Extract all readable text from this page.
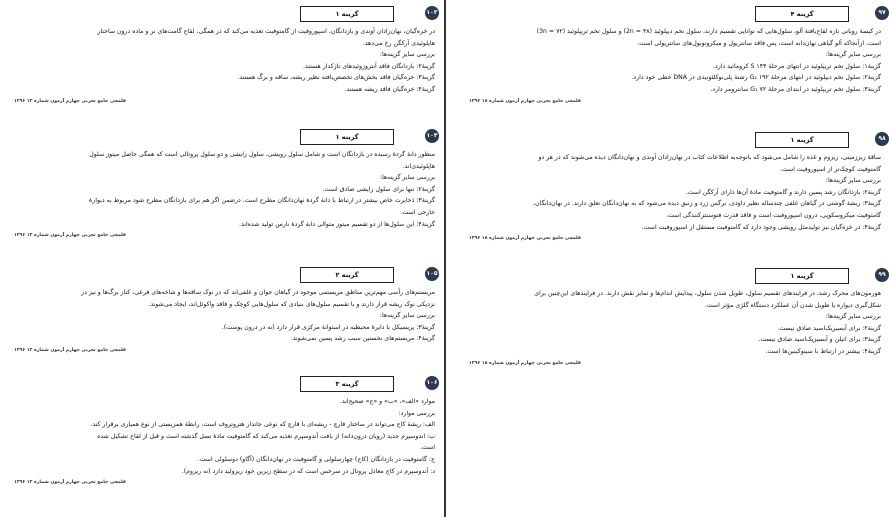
گزینه ۴	۹۷

در کیسهٔ رویانی نازه لقاح‌یافتهٔ آلو، سلول‌هایی که توانایی تقسیم دارند، سلول تخم دیپلوئید (۴۸ = 2n) و سلول تخم تریپلوئید (۷۲ = 3n)

است. ازآنجاکه آلو گیاهی نهان‌دانه است، پس فاقد سانتریول و میکروتوبول‌های سانتریولی است.

بررسی سایر گزینه‌ها:

گزینهٔ۱: سلول تخم تریپلوئید در انتهای مرحلهٔ S ۱۴۴ کروماتید دارد.

گزینهٔ۲: سلول تخم دیپلوئید در انتهای مرحلهٔ G₂ ۱۹۲ رشتهٔ پلی‌نوکلئوتیدی در DNA خطی خود دارد.

گزینهٔ۳: سلول تخم تریپلوئید در ابتدای مرحلهٔ G₁ ۷۲ سانترومر دارد.

قلمچی جامع تجربی چهارم آزمون شماره ۱۸ ۱۳۹۶
گزینه ۱	۹۸

ساقهٔ زیرزمینی، ریزوم و غده را شامل می‌شود که باتوجه‌به اطلاعات کتاب در نهان‌زادان آوندی و نهان‌دانگان دیده می‌شوند که در هر دو

گامتوفیت کوچک‌تر از اسپوروفیت است.

بررسی سایر گزینه‌ها:

گزینهٔ۲: بازدانگان رشد پسین دارند و گامتوفیت مادهٔ آن‌ها دارای آرکگن است.

گزینهٔ۳: ریشهٔ گوشتی در گیاهان علفی چندساله نظیر داودی، نرگس زرد و زنبق دیده می‌شود که به نهان‌دانگان تعلق دارند. در نهان‌دانگان،

گامتوفیت میکروسکوپی، درون اسپوروفیت است و فاقد قدرت فتوسنتزکنندگی است.

گزینهٔ۴: در خزه‌گیان نیز تولیدمثل رویشی وجود دارد که گامتوفیت مستقل از اسپوروفیت است.

قلمچی جامع تجربی چهارم آزمون شماره ۱۸ ۱۳۹۶
گزینه ۱	۹۹

هورمون‌های محرک رشد، در فرایندهای تقسیم سلول، طویل شدن سلول، پیدایش اندام‌ها و تمایز نقش دارند. در فرایندهای این‌چنین برای

شکل‌گیری دیواره یا طویل شدن آن عملکرد دستگاه گلژی مؤثر است.

بررسی سایر گزینه‌ها:

گزینهٔ۲: برای آبسیزیک‌اسید صادق نیست.

گزینهٔ۳: برای اتیلن و آبسیزیک‌اسید صادق نیست.

گزینهٔ۴: بیشتر در ارتباط با سیتوکینین‌ها است.

قلمچی جامع تجربی چهارم آزمون شماره ۱۸ ۱۳۹۶
گزینه ۱	۱۰۳

در خزه‌گیان، نهان‌زادان آوندی و بازدانگان، اسپوروفیت از گامتوفیت تغذیه می‌کند که در همگی، لقاح گامت‌های نر و ماده درون ساختار

هاپلوئیدی آرکگن رخ می‌دهد.

بررسی سایر گزینه‌ها:

گزینهٔ۲: بازدانگان فاقد آنتروزوئیدهای تاژکدار هستند.

گزینهٔ۳: خزه‌گیان فاقد بخش‌های تخصص‌یافته نظیر ریشه، ساقه و برگ هستند.

گزینهٔ۴: خزه‌گیان فاقد ریشه هستند.

قلمچی جامع تجربی چهارم آزمون شماره ۱۲ ۱۳۹۶
گزینه ۱	۱۰۴

منظور دانهٔ گردهٔ رسیده در بازدانگان است و شامل سلول رویشی، سلول زایشی و دو سلول پروتالی است که همگی حاصل میتوز سلول

هاپلوئیدی‌اند.

بررسی سایر گزینه‌ها:

گزینهٔ۲: تنها برای سلول زایشی صادق است.

گزینهٔ۳: ذخایرت خاص بیشتر در ارتباط با دانهٔ گردهٔ نهان‌دانگان مطرح است. درضمن اگر هم برای بازدانگان مطرح شود مربوط به دیوارهٔ

خارجی است.

گزینهٔ۴: این سلول‌ها از دو تقسیم میتوز متوالی دانهٔ گردهٔ نارس تولید شده‌اند.

قلمچی جامع تجربی چهارم آزمون شماره ۱۲ ۱۳۹۶
گزینه ۲	۱۰۵

مریستم‌های رأسی مهم‌ترین مناطق مریستمی موجود در گیاهان جوان و علفی‌اند که در نوک ساقه‌ها و شاخه‌های فرعی، کنار برگ‌ها و نیز در

نزدیکی نوک ریشه قرار دارند و با تقسیم سلول‌های بنیادی که سلول‌هایی کوچک و فاقد واکوئل‌اند، ایجاد می‌شوند.

بررسی سایر گزینه‌ها:

گزینهٔ۳: پریسیکل با دایرهٔ محیطیه در استوانهٔ مرکزی قرار دارد (نه در درون پوست).

گزینهٔ۴: مریستم‌های نخستین سبب رشد پسین نمی‌شوند.

قلمچی جامع تجربی چهارم آزمون شماره ۱۲ ۱۳۹۶
گزینه ۳	۱۰۶

موارد «الف»، «ب» و «ج» صحیح‌اند.

بررسی موارد:

الف: ریشهٔ کاج می‌تواند در ساختار قارچ - ریشه‌ای با قارچ که نوعی جاندار هتروتروف است، رابطهٔ همزیستی از نوع همیاری برقرار کند.

ب: اندوسپرم جدید (رویان درون‌دانه) از بافت آندوسپرم تغذیه می‌کند که گامتوفیت مادهٔ نسل گذشته است و قبل از لقاح تشکیل شده

است.

ج: گامتوفیت در بازدانگان (کاج) چهارسلولی و گامتوفیت در نهان‌دانگان (آگاو) دوسلولی است.

د: آندوسپرم در کاج معادل پروتال در سرخس است که در سطح زیرین خود ریزولید دارد (نه ریزوم).

قلمچی جامع تجربی چهارم آزمون شماره ۱۲ ۱۳۹۶
